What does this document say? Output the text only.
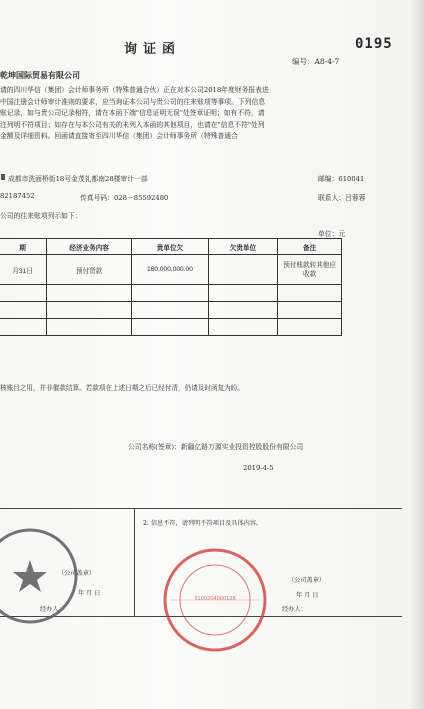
询证函	0195
编号：A8-4-7
乾坤国际贸易有限公司
请的四川华信（集团）会计师事务所（特殊普通合伙）正在对本公司2018年度财务报表进
中国注册会计师审计准则的要求，应当询证本公司与贵公司的往来账项等事项。下列信息
账记录，如与贵公司记录相符，请在本函下端"信息证明无误"处签章证明；如有不符，请
注列明不符项目；如存在与本公司有关的未列入本函的其他项目，也请在"信息不符"处列
金额及详细资料。回函请直接寄至四川华信（集团）会计师事务所（特殊普通合
成都市洗面桥街18号金茂礼都南28楼审计一部	邮编：610041
82187452	传真号码：028－85592480	联系人：吕蓉蓉
公司的往来账项列示如下：
单位：元
期	经济业务内容	贵单位欠	欠贵单位	备注
月31日	预付货款	160,000,000.00		预付账款转其他应收款

核账目之用，并非催款结算。若款项在上述日期之后已经付清，仍请及时函复为盼。
公司名称(签章)：新疆亿路万源实业投资控股股份有限公司
2019-4-5
2. 信息不符，请列明不符项目及具体内容。
（公司盖章）
年 月 日
经办人：
（公司盖章）
年 月 日
经办人：
5100204000128
